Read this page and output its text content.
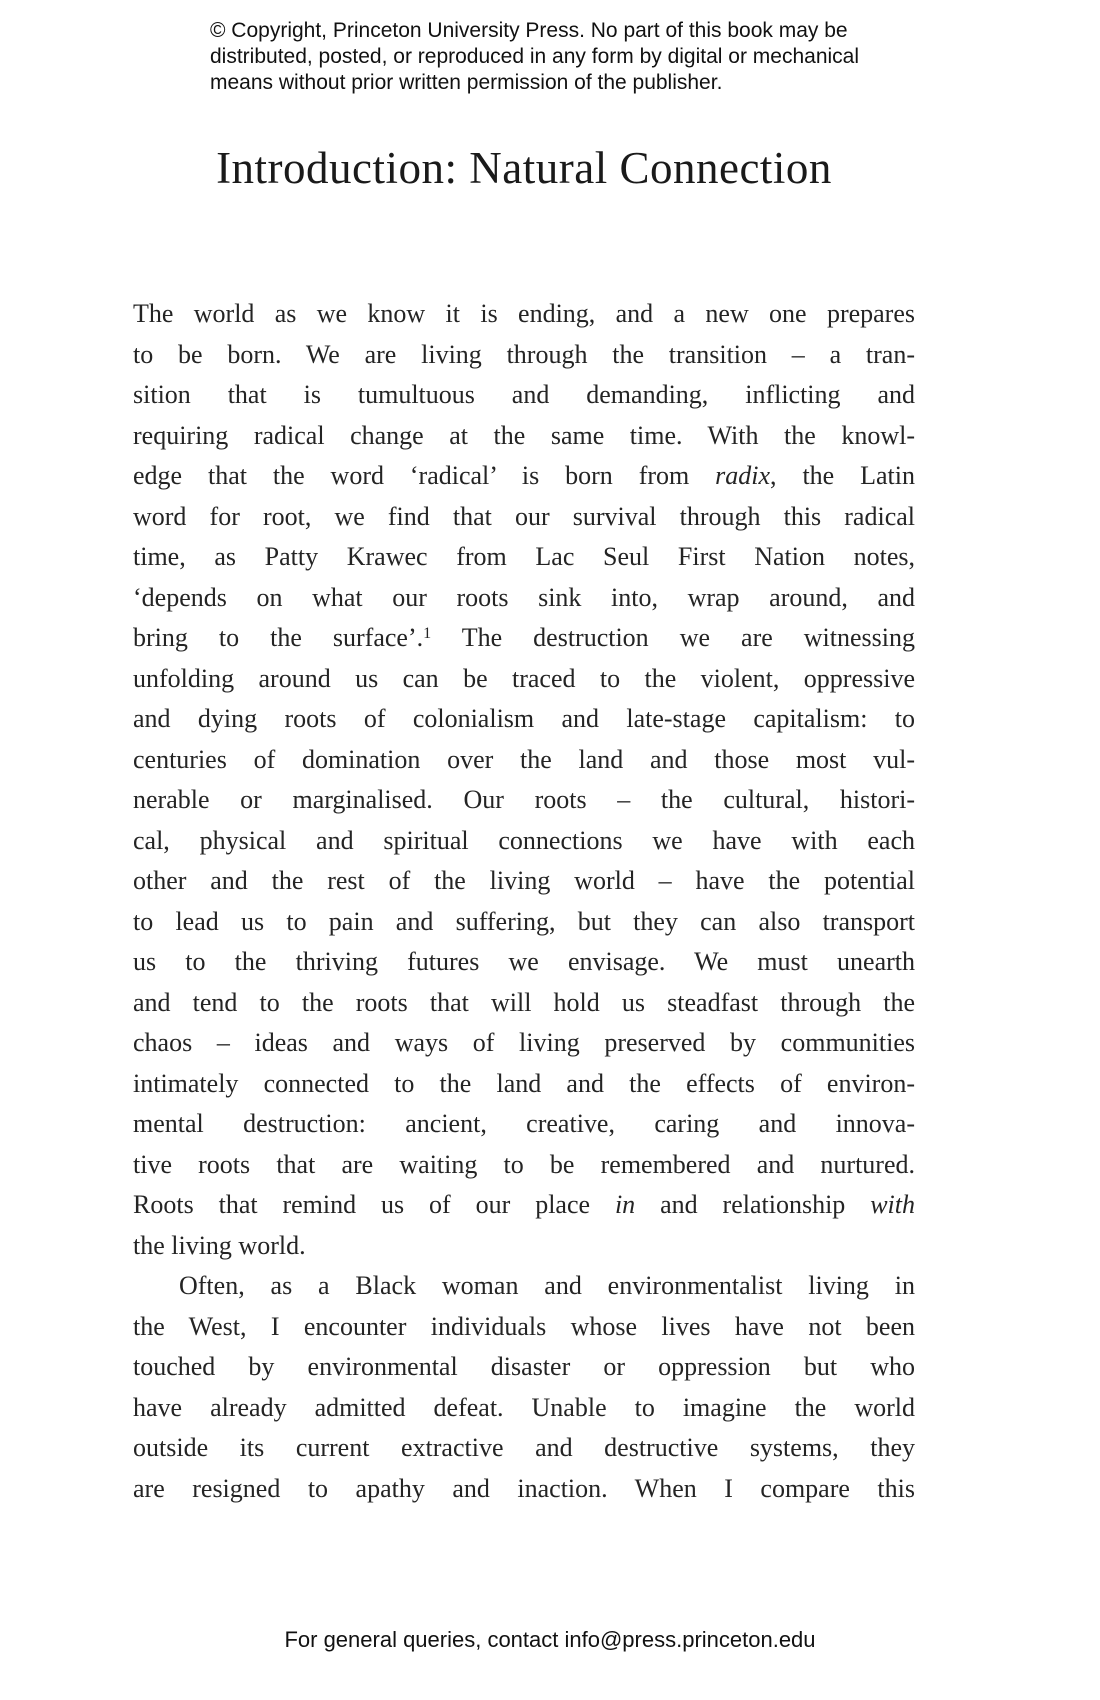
© Copyright, Princeton University Press. No part of this book may be
distributed, posted, or reproduced in any form by digital or mechanical
means without prior written permission of the publisher.
Introduction: Natural Connection
The world as we know it is ending, and a new one prepares
to be born. We are living through the transition – a tran-
sition that is tumultuous and demanding, inflicting and
requiring radical change at the same time. With the knowl-
edge that the word ‘radical’ is born from radix, the Latin
word for root, we find that our survival through this radical
time, as Patty Krawec from Lac Seul First Nation notes,
‘depends on what our roots sink into, wrap around, and
bring to the surface’.$^1$ The destruction we are witnessing
unfolding around us can be traced to the violent, oppressive
and dying roots of colonialism and late-stage capitalism: to
centuries of domination over the land and those most vul-
nerable or marginalised. Our roots – the cultural, histori-
cal, physical and spiritual connections we have with each
other and the rest of the living world – have the potential
to lead us to pain and suffering, but they can also transport
us to the thriving futures we envisage. We must unearth
and tend to the roots that will hold us steadfast through the
chaos – ideas and ways of living preserved by communities
intimately connected to the land and the effects of environ-
mental destruction: ancient, creative, caring and innova-
tive roots that are waiting to be remembered and nurtured.
Roots that remind us of our place in and relationship with
the living world.
Often, as a Black woman and environmentalist living in
the West, I encounter individuals whose lives have not been
touched by environmental disaster or oppression but who
have already admitted defeat. Unable to imagine the world
outside its current extractive and destructive systems, they
are resigned to apathy and inaction. When I compare this
For general queries, contact info@press.princeton.edu
